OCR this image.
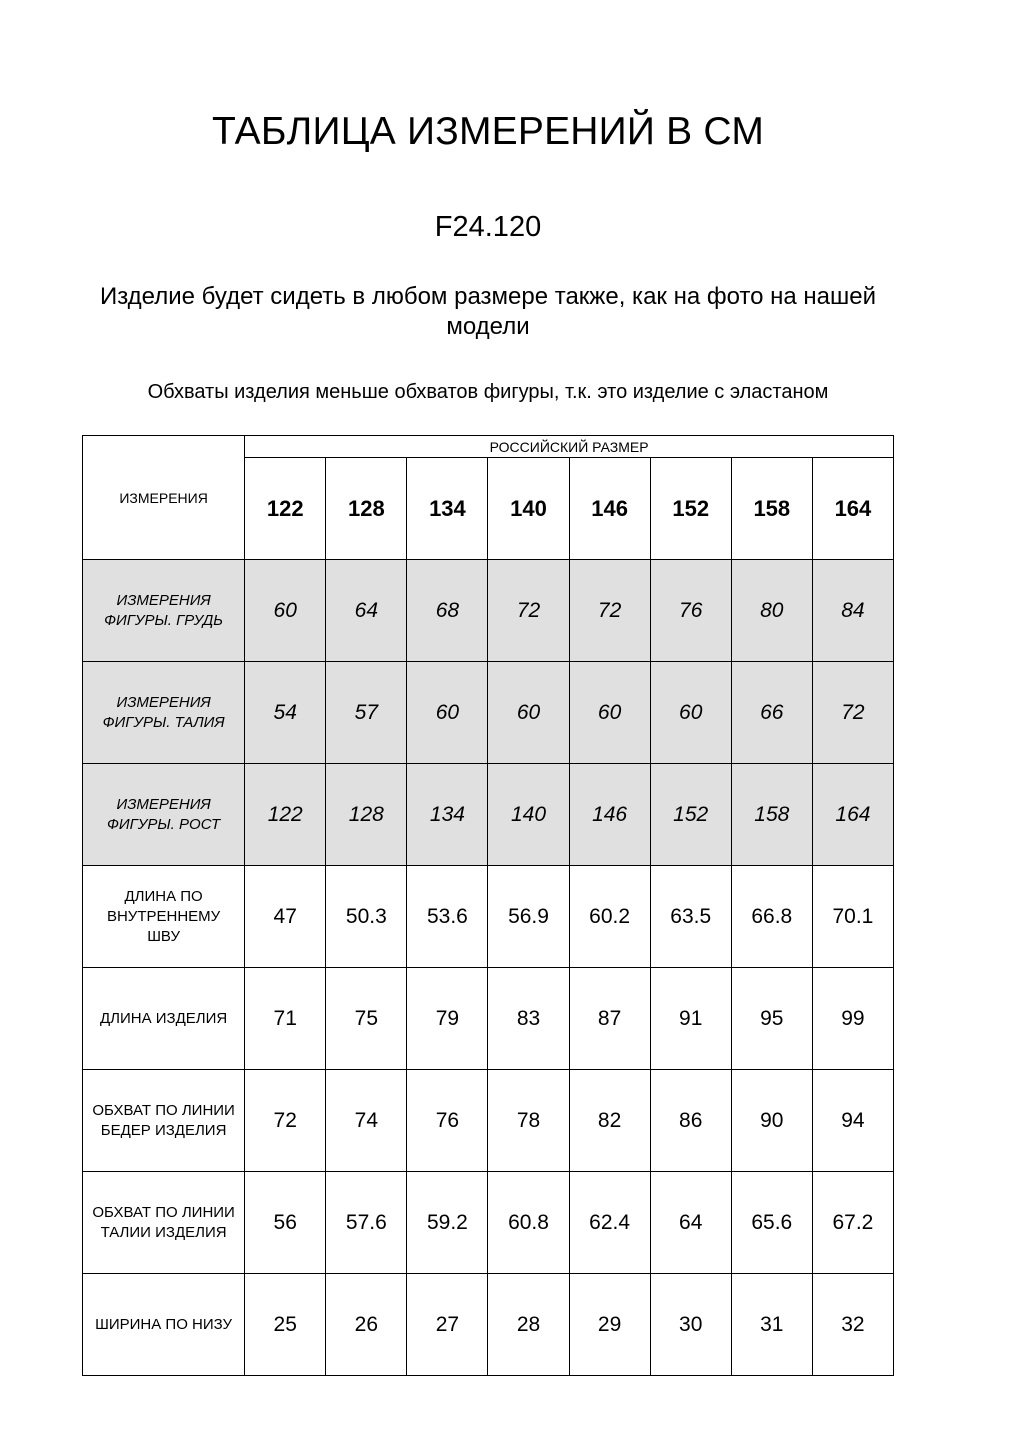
ТАБЛИЦА ИЗМЕРЕНИЙ В СМ
F24.120
Изделие будет сидеть в любом размере также, как на фото на нашей модели
Обхваты изделия меньше обхватов фигуры, т.к. это изделие с эластаном
ИЗМЕРЕНИЯ	РОССИЙСКИЙ РАЗМЕР							
	122	128	134	140	146	152	158	164
ИЗМЕРЕНИЯ ФИГУРЫ. ГРУДЬ	60	64	68	72	72	76	80	84
ИЗМЕРЕНИЯ ФИГУРЫ. ТАЛИЯ	54	57	60	60	60	60	66	72
ИЗМЕРЕНИЯ ФИГУРЫ. РОСТ	122	128	134	140	146	152	158	164
ДЛИНА ПО ВНУТРЕННЕМУ ШВУ	47	50.3	53.6	56.9	60.2	63.5	66.8	70.1
ДЛИНА ИЗДЕЛИЯ	71	75	79	83	87	91	95	99
ОБХВАТ ПО ЛИНИИ БЕДЕР ИЗДЕЛИЯ	72	74	76	78	82	86	90	94
ОБХВАТ ПО ЛИНИИ ТАЛИИ ИЗДЕЛИЯ	56	57.6	59.2	60.8	62.4	64	65.6	67.2
ШИРИНА ПО НИЗУ	25	26	27	28	29	30	31	32
